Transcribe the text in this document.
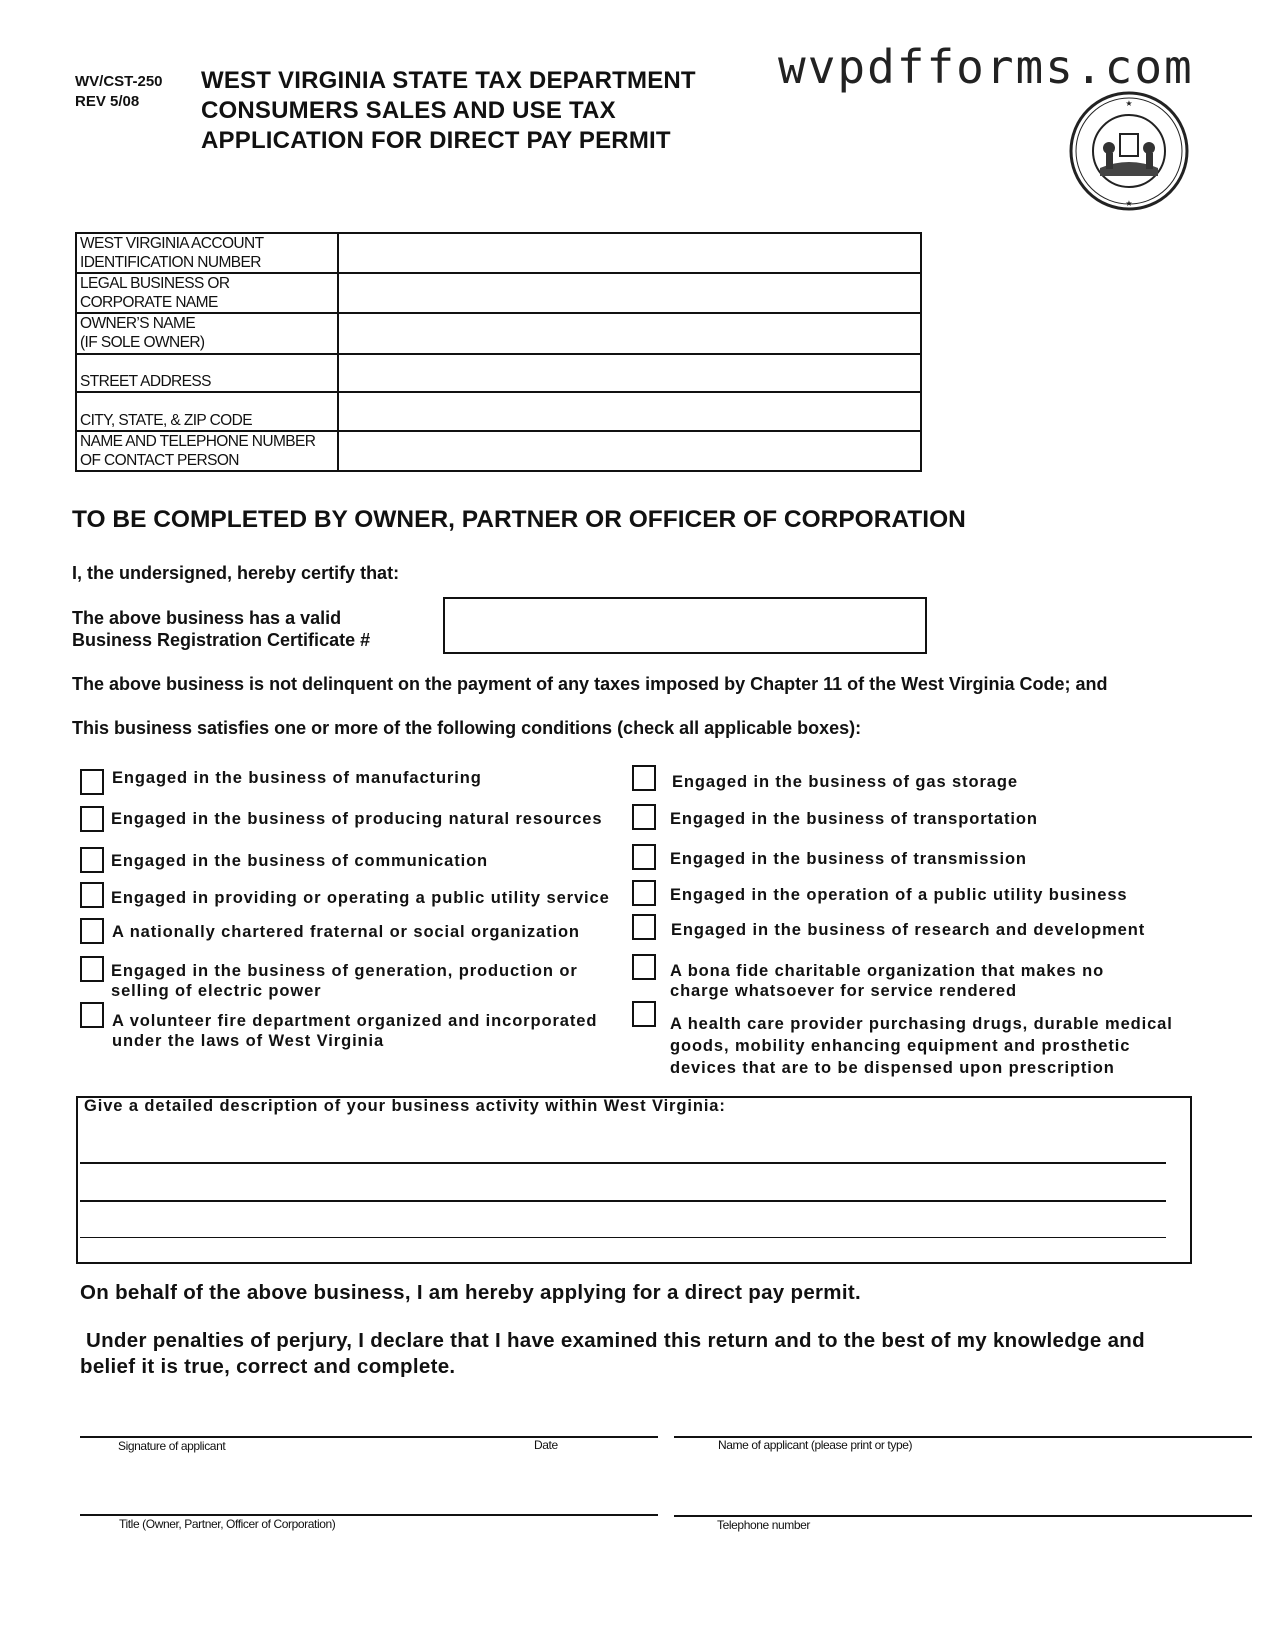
WV/CST-250
REV 5/08
WEST VIRGINIA STATE TAX DEPARTMENT
CONSUMERS SALES AND USE TAX
APPLICATION FOR DIRECT PAY PERMIT
wvpdfforms.com
★
★
WEST VIRGINIA ACCOUNT
IDENTIFICATION NUMBER	

LEGAL BUSINESS OR
CORPORATE NAME	

OWNER’S NAME
(IF SOLE OWNER)	

STREET ADDRESS	

CITY, STATE, & ZIP CODE	

NAME AND TELEPHONE NUMBER
OF CONTACT PERSON	

TO BE COMPLETED BY OWNER, PARTNER OR OFFICER OF CORPORATION
I, the undersigned, hereby certify that:
The above business has a valid
Business Registration Certificate #
The above business is not delinquent on the payment of any taxes imposed by Chapter 11 of the West Virginia Code; and
This business satisfies one or more of the following conditions (check all applicable boxes):
Engaged in the business of manufacturing
Engaged in the business of producing natural resources
Engaged in the business of communication
Engaged in providing or operating a public utility service
A nationally chartered fraternal or social organization
Engaged in the business of generation, production or
selling of electric power
A volunteer fire department organized and incorporated
under the laws of West Virginia
Engaged in the business of gas storage
Engaged in the business of transportation
Engaged in the business of transmission
Engaged in the operation of a public utility business
Engaged in the business of research and development
A bona fide charitable organization that makes no
charge whatsoever for service rendered
A health care provider purchasing drugs, durable medical
goods, mobility enhancing equipment and prosthetic
devices that are to be dispensed upon prescription
Give a detailed description of your business activity within West Virginia:
On behalf of the above business, I am hereby applying for a direct pay permit.
Under penalties of perjury, I declare that I have examined this return and to the best of my knowledge and
belief it is true, correct and complete.
Signature of applicant	Date	Name of applicant (please print or type)
Title (Owner, Partner, Officer of Corporation)	Telephone number
